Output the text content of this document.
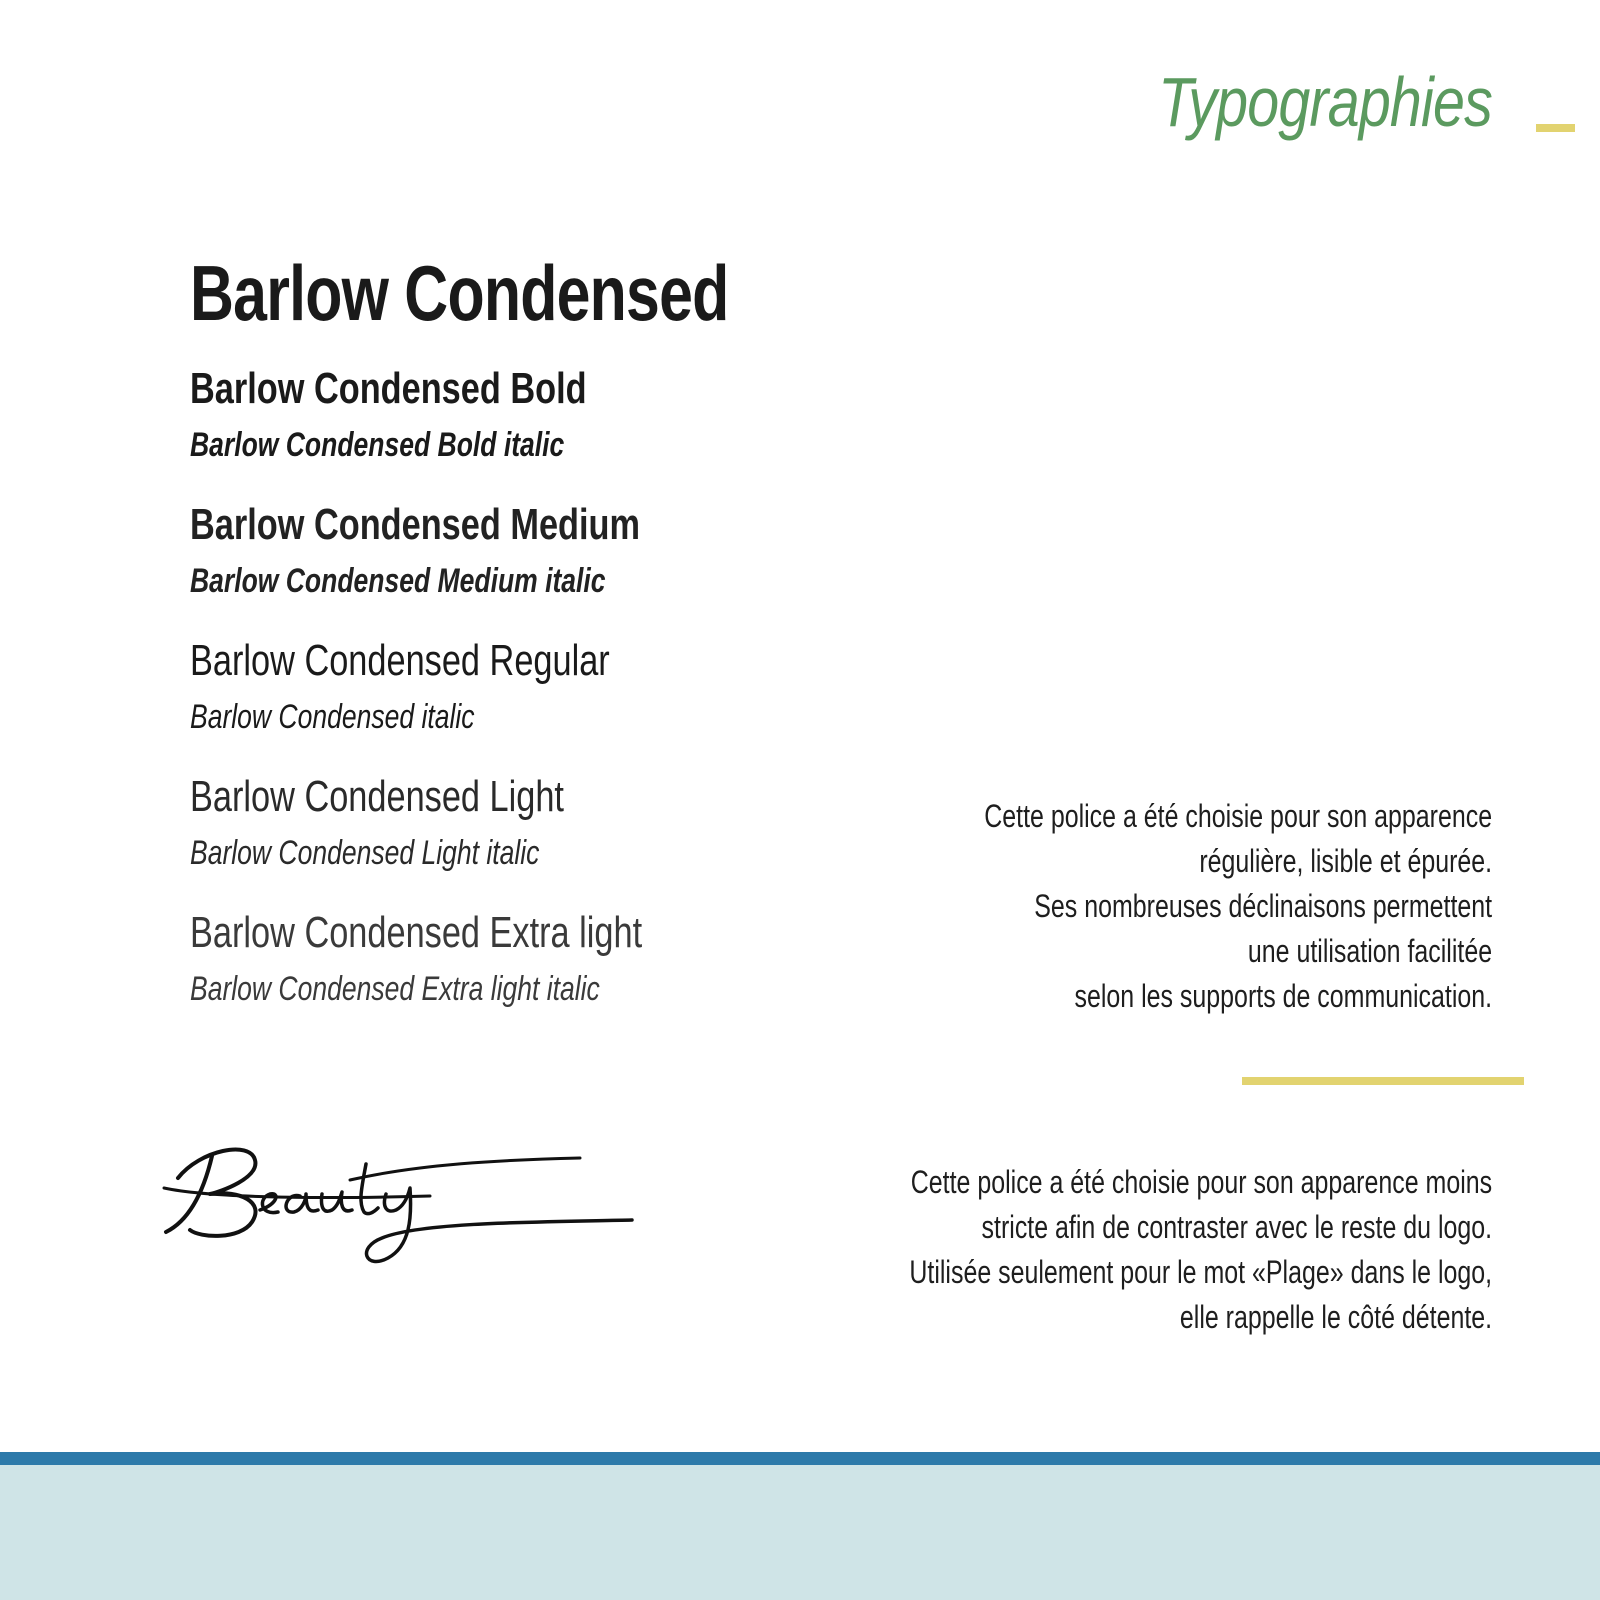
Typographies
Barlow Condensed
Barlow Condensed Bold
Barlow Condensed Bold italic
Barlow Condensed Medium
Barlow Condensed Medium italic
Barlow Condensed Regular
Barlow Condensed italic
Barlow Condensed Light
Barlow Condensed Light italic
Barlow Condensed Extra light
Barlow Condensed Extra light italic
Cette police a été choisie pour son apparence
régulière, lisible et épurée.
Ses nombreuses déclinaisons permettent
une utilisation facilitée
selon les supports de communication.
Cette police a été choisie pour son apparence moins
stricte afin de contraster avec le reste du logo.
Utilisée seulement pour le mot «Plage» dans le logo,
elle rappelle le côté détente.
